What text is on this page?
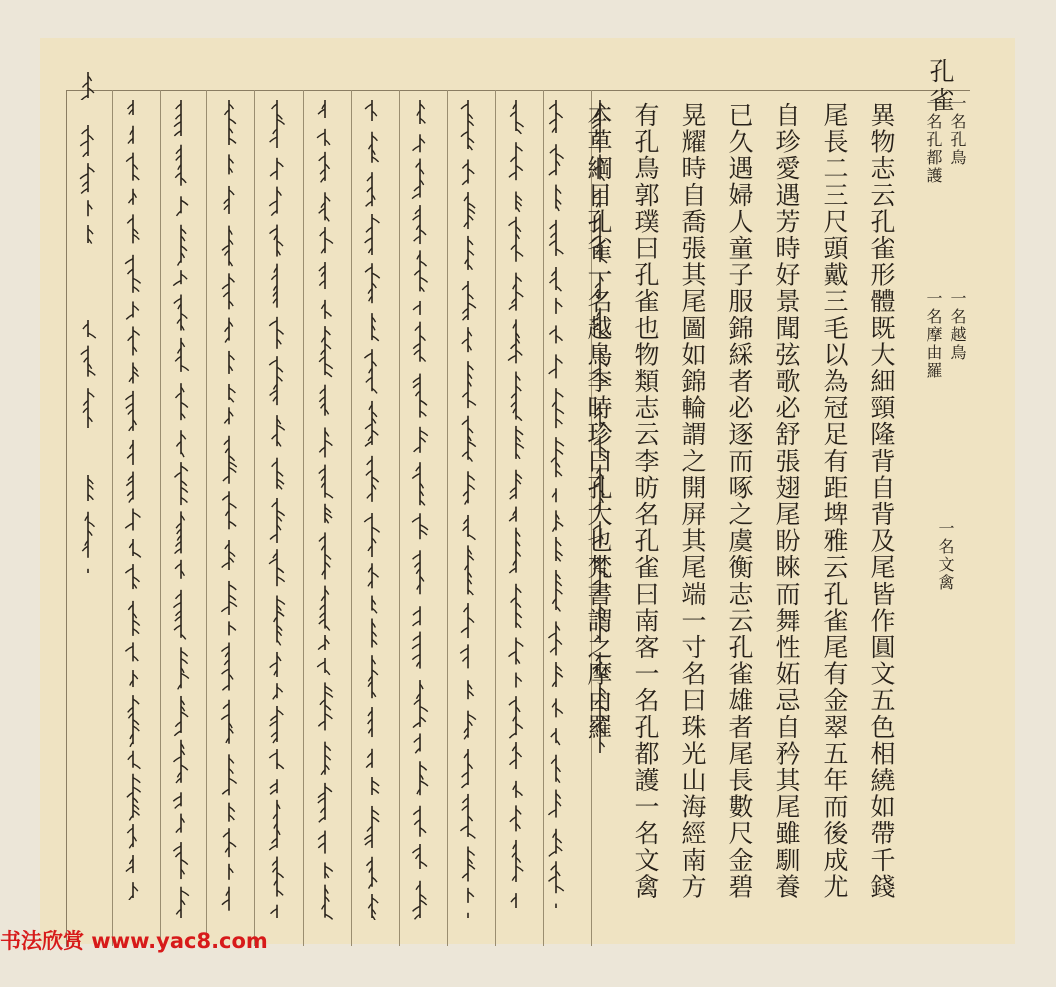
孔雀
一名孔鳥
一名孔都護
一名越鳥
一名摩由羅
一名文禽
異物志云孔雀形體既大細頸隆背自背及尾皆作圓文五色相繞如帶千錢
尾長二三尺頭戴三毛以為冠足有距埤雅云孔雀尾有金翠五年而後成尤
自珍愛遇芳時好景聞弦歌必舒張翅尾盼睞而舞性妬忌自矜其尾雖馴養
已久遇婦人童子服錦綵者必逐而啄之虞衡志云孔雀雄者尾長數尺金碧
晃耀時自喬張其尾圖如錦輪謂之開屏其尾端一寸名曰珠光山海經南方
有孔鳥郭璞曰孔雀也物類志云李昉名孔雀曰南客一名孔都護一名文禽
本草綱目孔雀一名越鳥李時珍曰孔大也梵書謂之摩由羅
书法欣赏 www.yac8.com
